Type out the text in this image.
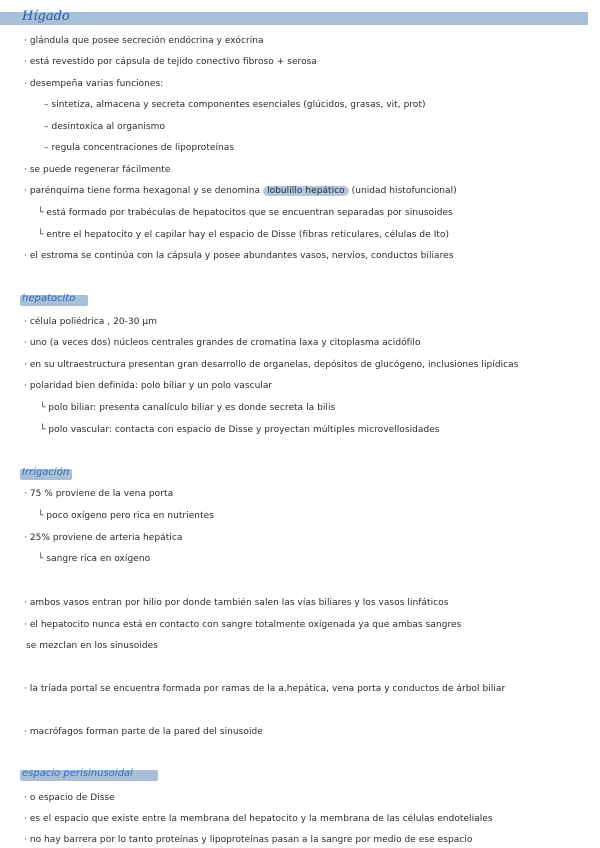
Hígado
· glándula que posee secreción endócrina y exócrina
· está revestido por cápsula de tejido conectivo fibroso + serosa
· desempeña varias funciones:
– sintetiza, almacena y secreta componentes esenciales (glúcidos, grasas, vit, prot)
– desintoxica al organismo
– regula concentraciones de lipoproteínas
· se puede regenerar fácilmente
· parénquima tiene forma hexagonal y se denomina lobulillo hepático (unidad histofuncional)
└ está formado por trabéculas de hepatocitos que se encuentran separadas por sinusoides
└ entre el hepatocito y el capilar hay el espacio de Disse (fibras reticulares, células de Ito)
· el estroma se continúa con la cápsula y posee abundantes vasos, nervios, conductos biliares
hepatocito
· célula poliédrica , 20-30 μm
· uno (a veces dos) núcleos centrales grandes de cromatina laxa y citoplasma acidófilo
· en su ultraestructura presentan gran desarrollo de organelas, depósitos de glucógeno, inclusiones lipídicas
· polaridad bien definida: polo biliar y un polo vascular
└ polo biliar: presenta canalículo biliar y es donde secreta la bilis
└ polo vascular: contacta con espacio de Disse y proyectan múltiples microvellosidades
Irrigación
· 75 % proviene de la vena porta
└ poco oxígeno pero rica en nutrientes
· 25% proviene de arteria hepática
└ sangre rica en oxígeno
· ambos vasos entran por hilio por donde también salen las vías biliares y los vasos linfáticos
· el hepatocito nunca está en contacto con sangre totalmente oxigenada ya que ambas sangres
se mezclan en los sinusoides
· la tríada portal se encuentra formada por ramas de la a.hepática, vena porta y conductos de árbol biliar
· macrófagos forman parte de la pared del sinusoide
espacio perisinusoidal
· o espacio de Disse
· es el espacio que existe entre la membrana del hepatocito y la membrana de las células endoteliales
· no hay barrera por lo tanto proteínas y lipoproteínas pasan a la sangre por medio de ese espacio
